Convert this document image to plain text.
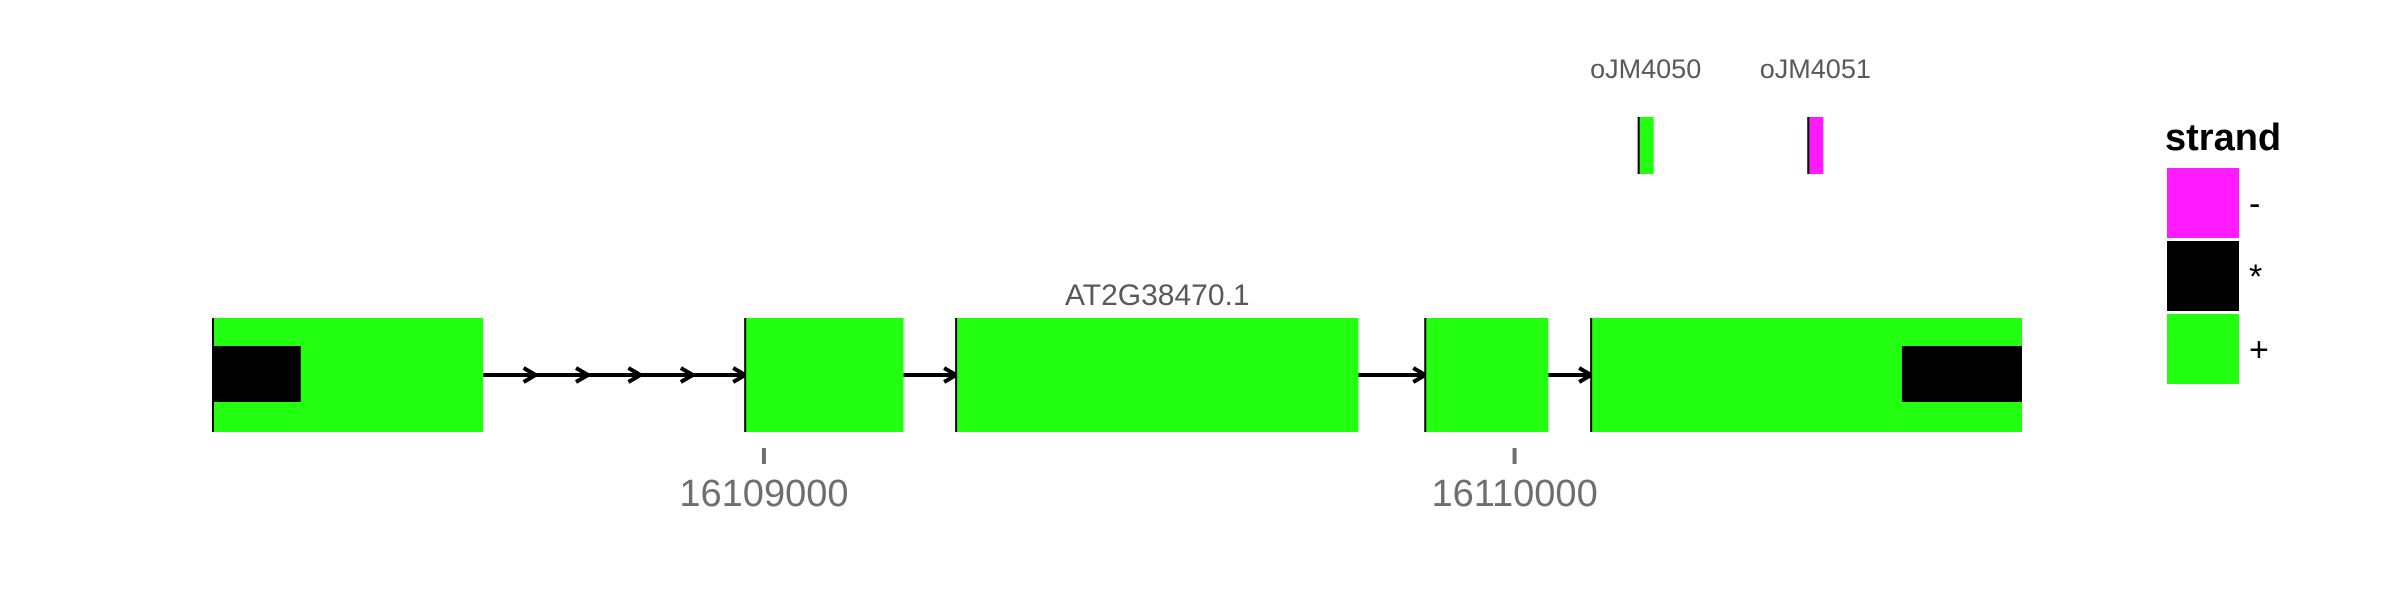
oJM4050 oJM4051
AT2G38470.1
16109000	16110000
strand
-
*
+
